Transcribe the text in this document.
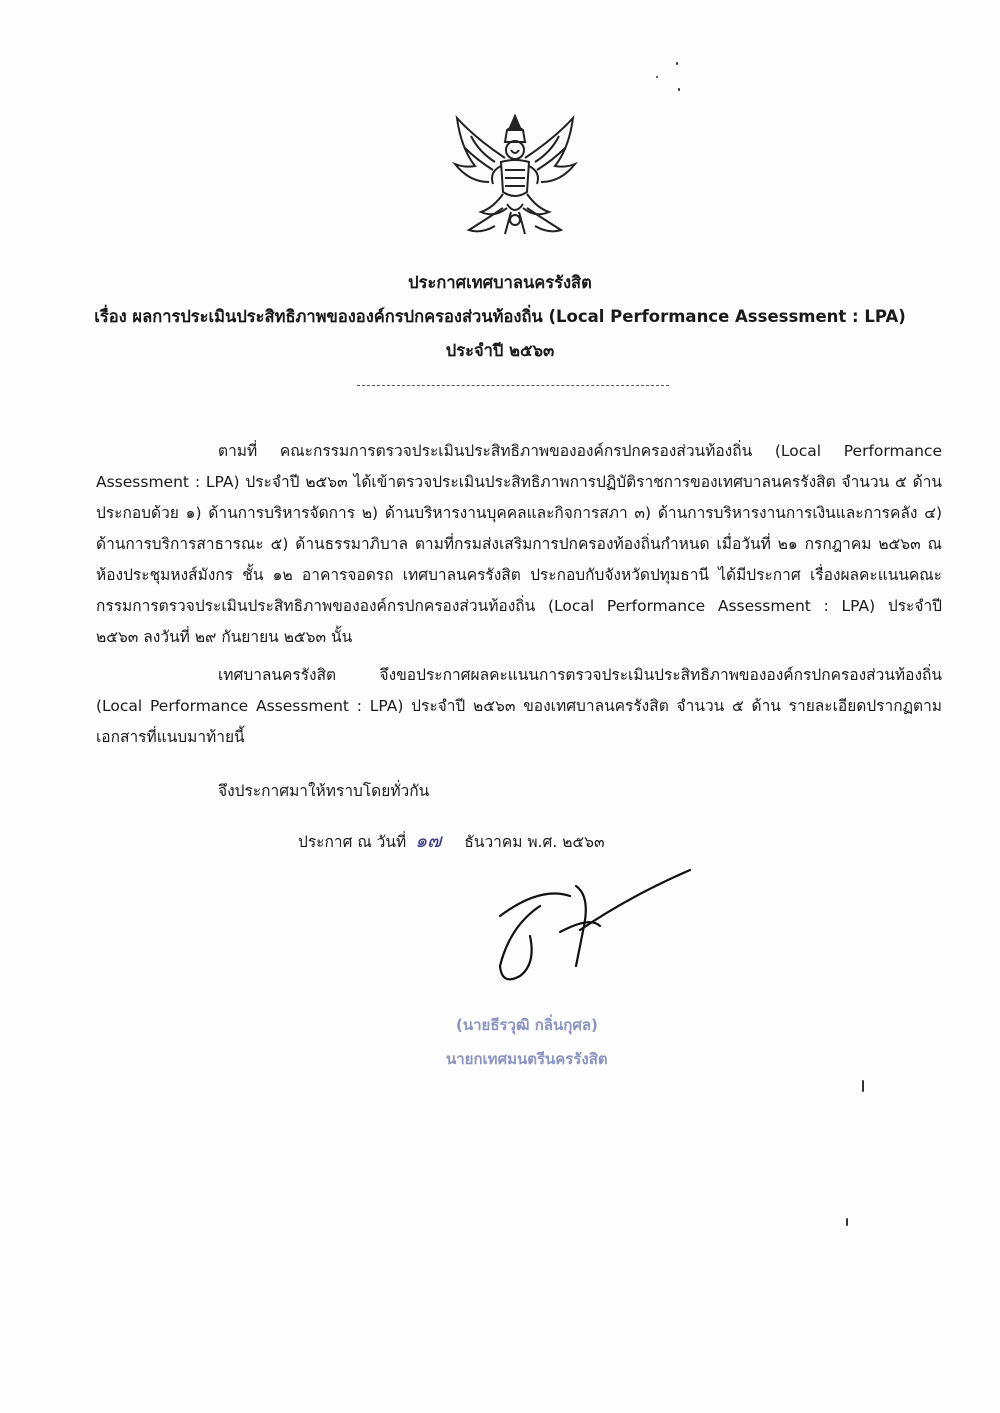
ประกาศเทศบาลนครรังสิต
เรื่อง ผลการประเมินประสิทธิภาพขององค์กรปกครองส่วนท้องถิ่น (Local Performance Assessment : LPA)
ประจำปี ๒๕๖๓

ตามที่ คณะกรรมการตรวจประเมินประสิทธิภาพขององค์กรปกครองส่วนท้องถิ่น (Local Performance Assessment : LPA) ประจำปี ๒๕๖๓ ได้เข้าตรวจประเมินประสิทธิภาพการปฏิบัติราชการของเทศบาลนครรังสิต จำนวน ๕ ด้าน ประกอบด้วย ๑) ด้านการบริหารจัดการ ๒) ด้านบริหารงานบุคคลและกิจการสภา ๓) ด้านการบริหารงานการเงินและการคลัง ๔) ด้านการบริการสาธารณะ ๕) ด้านธรรมาภิบาล ตามที่กรมส่งเสริมการปกครองท้องถิ่นกำหนด เมื่อวันที่ ๒๑ กรกฎาคม ๒๕๖๓ ณ ห้องประชุมหงส์มังกร ชั้น ๑๒ อาคารจอดรถ เทศบาลนครรังสิต ประกอบกับจังหวัดปทุมธานี ได้มีประกาศ เรื่องผลคะแนนคณะกรรมการตรวจประเมินประสิทธิภาพขององค์กรปกครองส่วนท้องถิ่น (Local Performance Assessment : LPA) ประจำปี ๒๕๖๓ ลงวันที่ ๒๙ กันยายน ๒๕๖๓ นั้น

เทศบาลนครรังสิต จึงขอประกาศผลคะแนนการตรวจประเมินประสิทธิภาพขององค์กรปกครองส่วนท้องถิ่น (Local Performance Assessment : LPA) ประจำปี ๒๕๖๓ ของเทศบาลนครรังสิต จำนวน ๕ ด้าน รายละเอียดปรากฏตามเอกสารที่แนบมาท้ายนี้

จึงประกาศมาให้ทราบโดยทั่วกัน
ประกาศ ณ วันที่ ๑๗ ธันวาคม พ.ศ. ๒๕๖๓
(นายธีรวุฒิ กลิ่นกุศล)
นายกเทศมนตรีนครรังสิต
